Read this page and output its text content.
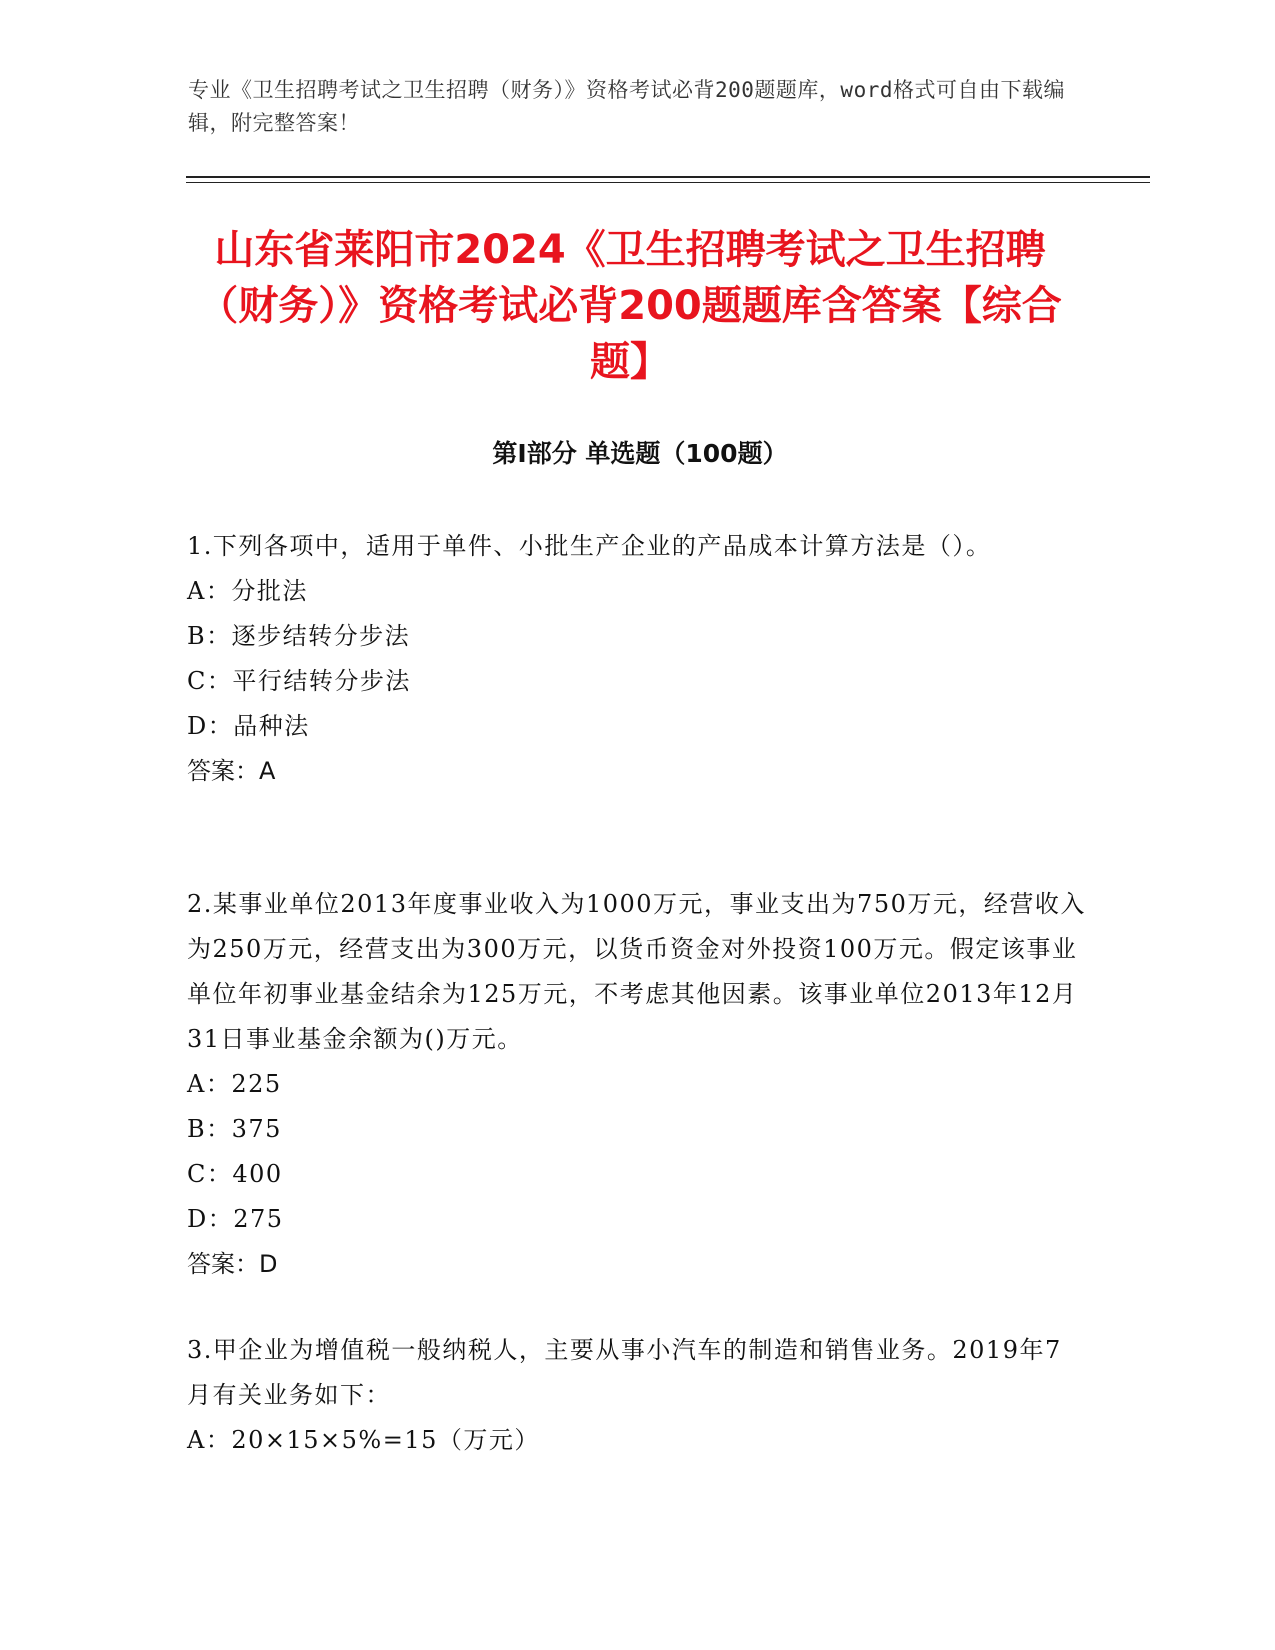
专业《卫生招聘考试之卫生招聘（财务）》资格考试必背200题题库，word格式可自由下载编辑，附完整答案！
山东省莱阳市2024《卫生招聘考试之卫生招聘（财务）》资格考试必背200题题库含答案【综合题】
第Ⅰ部分 单选题（100题）

1.下列各项中，适用于单件、小批生产企业的产品成本计算方法是（）。

A：分批法

B：逐步结转分步法

C：平行结转分步法

D：品种法

答案：A

2.某事业单位2013年度事业收入为1000万元，事业支出为750万元，经营收入为250万元，经营支出为300万元，以货币资金对外投资100万元。假定该事业单位年初事业基金结余为125万元，不考虑其他因素。该事业单位2013年12月31日事业基金余额为()万元。

A：225

B：375

C：400

D：275

答案：D

3.甲企业为增值税一般纳税人，主要从事小汽车的制造和销售业务。2019年7月有关业务如下：

A：20×15×5%=15（万元）
